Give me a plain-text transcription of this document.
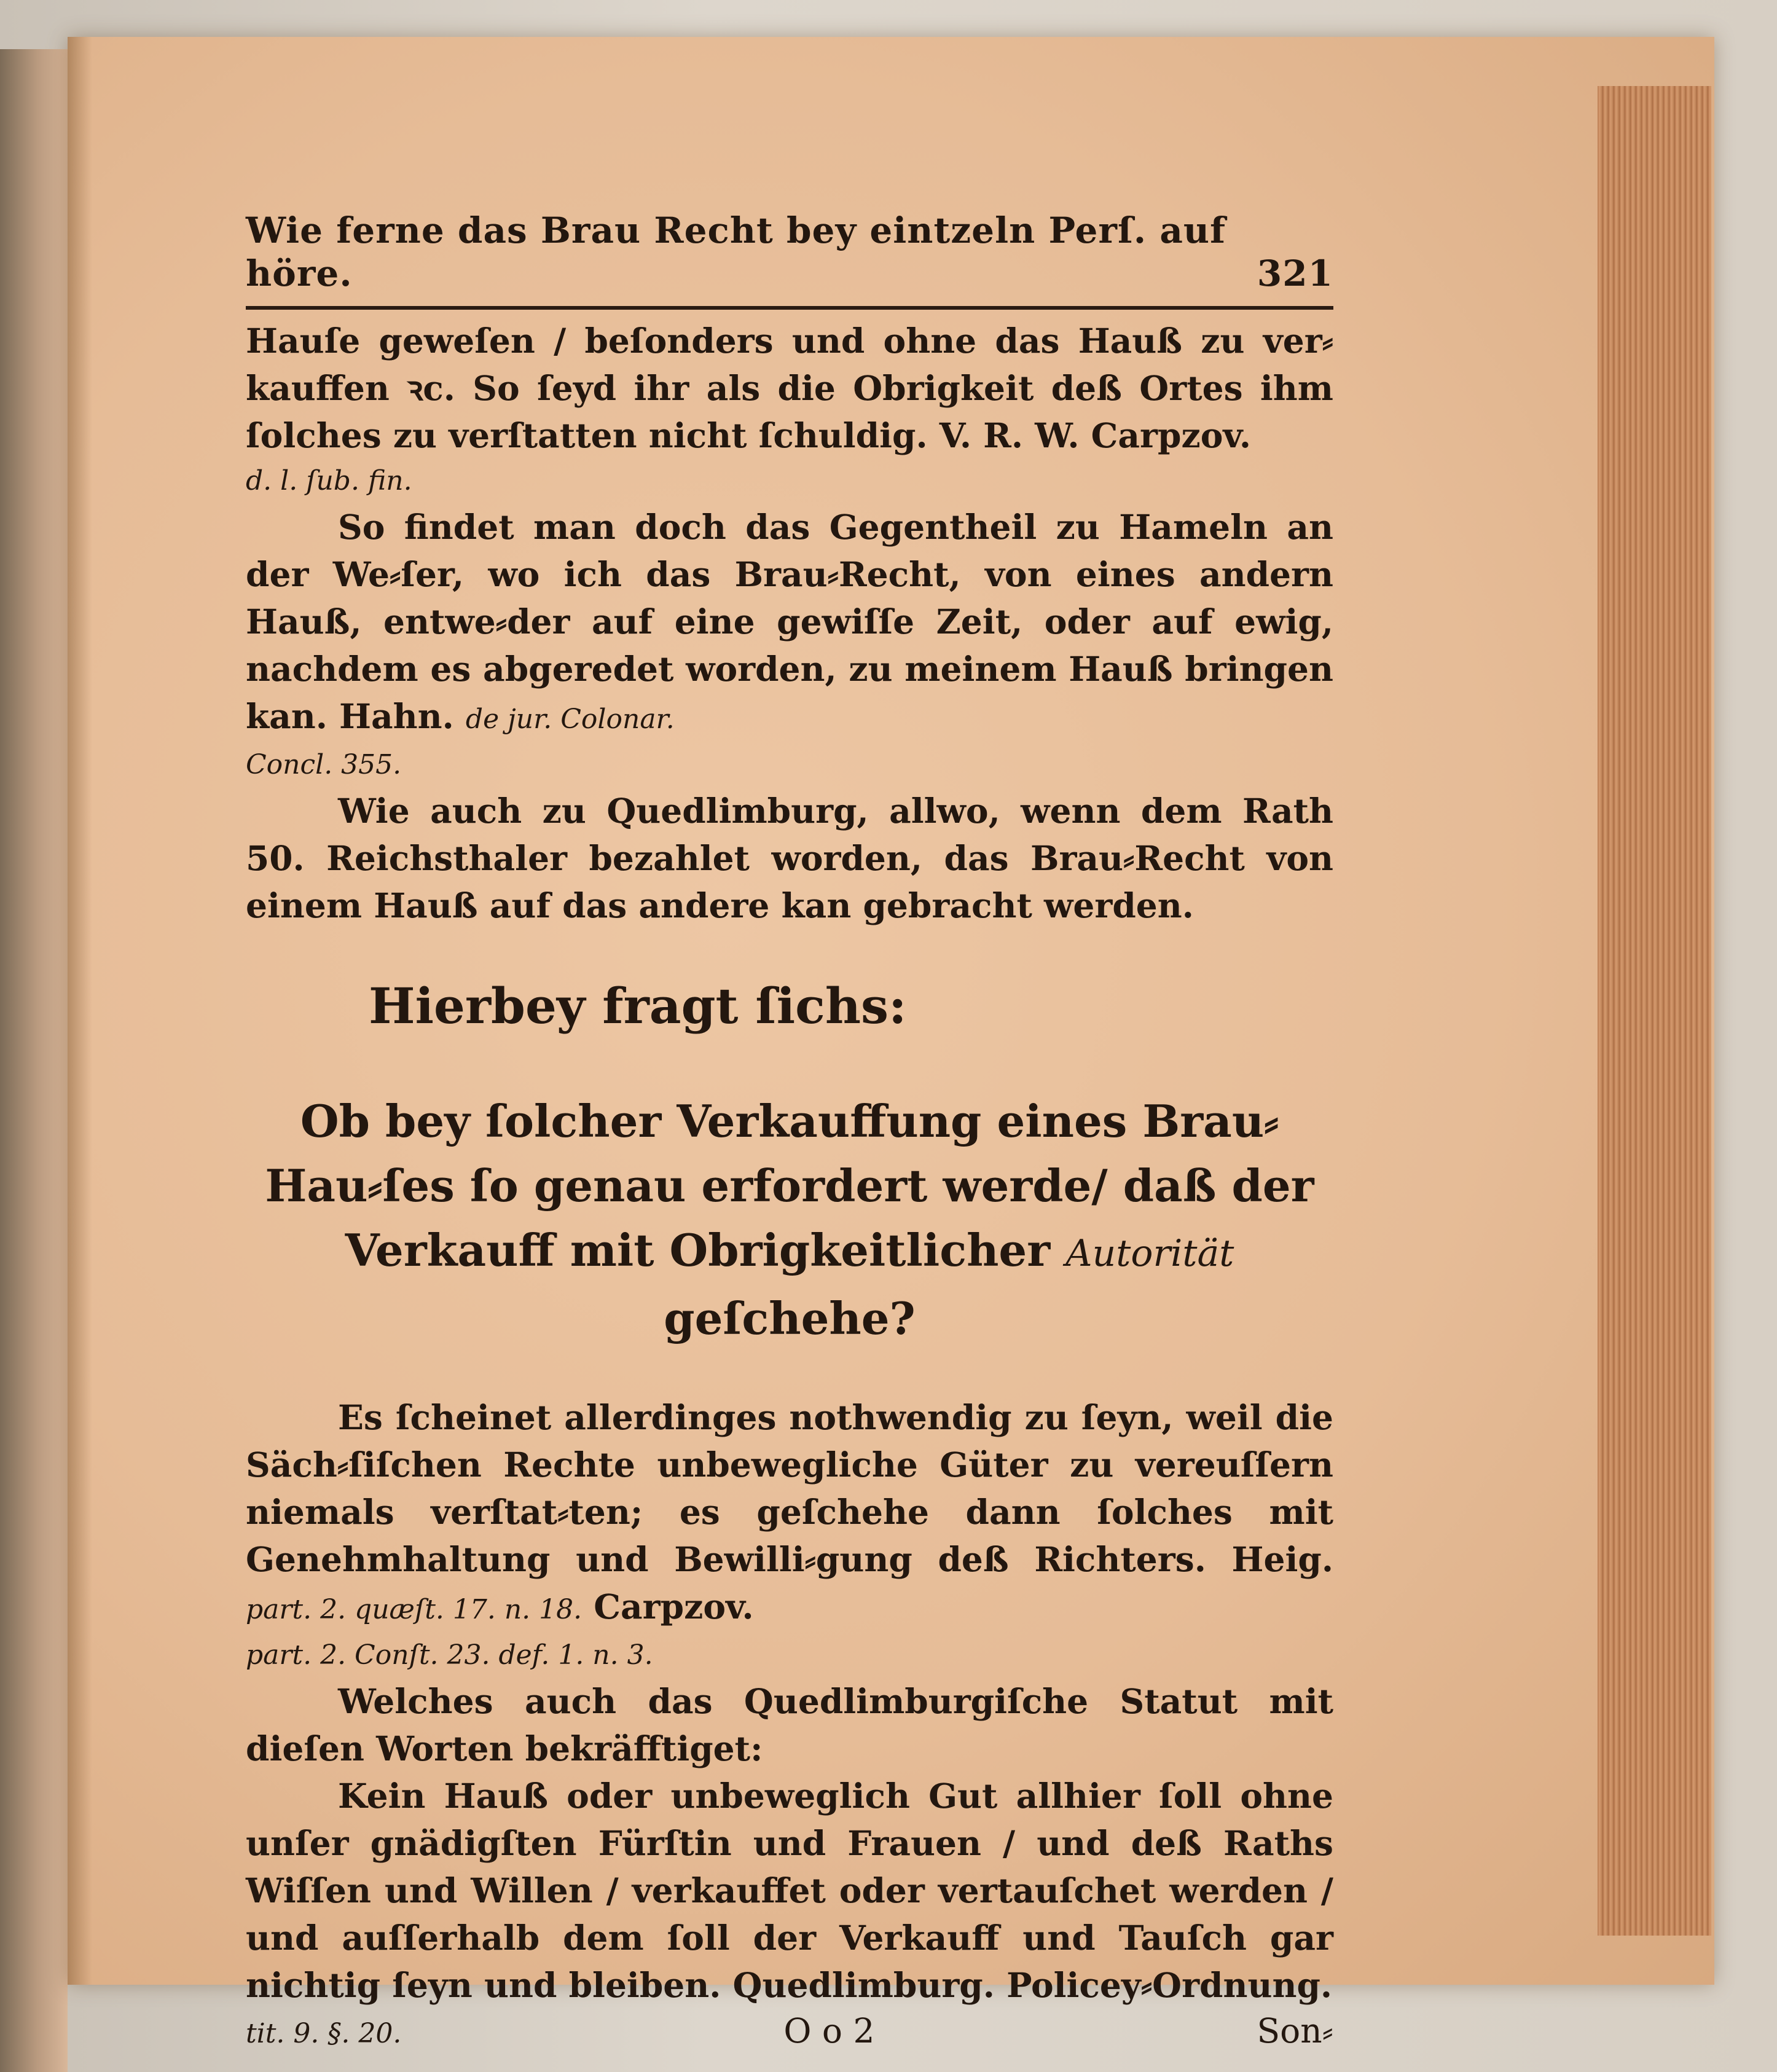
Wie ferne das Brau Recht bey eintzeln Perſ. auf höre.	321

Hauſe geweſen / beſonders und ohne das Hauß zu ver⸗kauffen ꝛc. So ſeyd ihr als die Obrigkeit deß Ortes ihm ſolches zu verſtatten nicht ſchuldig. V. R. W. Carpzov.

d. l. ſub. fin.

So findet man doch das Gegentheil zu Hameln an der We⸗ſer, wo ich das Brau⸗Recht, von eines andern Hauß, entwe⸗der auf eine gewiſſe Zeit, oder auf ewig, nachdem es abgeredet worden, zu meinem Hauß bringen kan. Hahn. de jur. Colonar.

Concl. 355.

Wie auch zu Quedlimburg, allwo, wenn dem Rath 50. Reichsthaler bezahlet worden, das Brau⸗Recht von einem Hauß auf das andere kan gebracht werden.

Hierbey fragt ſichs:
Ob bey ſolcher Verkauffung eines Brau⸗Hau⸗ſes ſo genau erfordert werde/ daß der Verkauff mit Obrigkeitlicher Autorität
geſchehe?

Es ſcheinet allerdinges nothwendig zu ſeyn, weil die Säch⸗ſiſchen Rechte unbewegliche Güter zu vereuſſern niemals verſtat⸗ten; es geſchehe dann ſolches mit Genehmhaltung und Bewilli⸗gung deß Richters. Heig. part. 2. quæſt. 17. n. 18. Carpzov.

part. 2. Conſt. 23. def. 1. n. 3.

Welches auch das Quedlimburgiſche Statut mit dieſen Worten bekräfftiget:

Kein Hauß oder unbeweglich Gut allhier ſoll ohne unſer gnädigſten Fürſtin und Frauen / und deß Raths Wiſſen und Willen / verkauffet oder vertauſchet werden / und auſſerhalb dem ſoll der Verkauff und Tauſch gar nichtig ſeyn und bleiben. Quedlimburg. Policey⸗Ordnung.

tit. 9. §. 20.	O o 2	Son⸗
